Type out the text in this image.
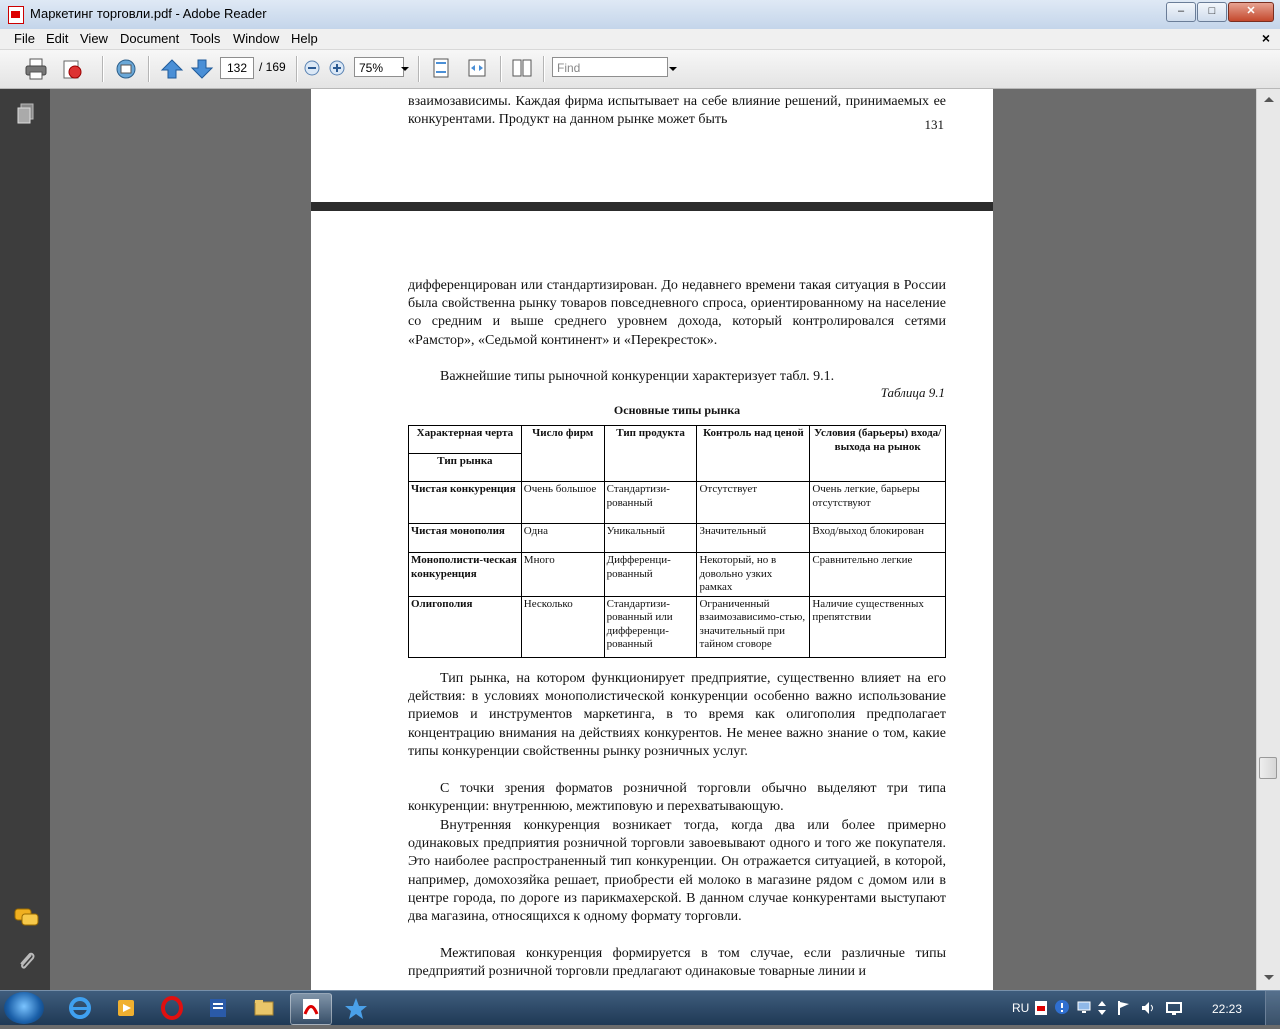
Маркетинг торговли.pdf - Adobe Reader	–	□	✕
File Edit View Document Tools Window Help	×
132 / 169	75%	Find
взаимозависимы. Каждая фирма испытывает на себе влияние решений, принимаемых ее конкурентами. Продукт на данном рынке может быть	131
дифференцирован или стандартизирован. До недавнего времени такая ситуация в России была свойственна рынку товаров повседневного спроса, ориентированному на население со средним и выше среднего уровнем дохода, который контролировался сетями «Рамстор», «Седьмой континент» и «Перекресток».
Важнейшие типы рыночной конкуренции характеризует табл. 9.1.
Таблица 9.1
Основные типы рынка
Характерная черта	Число фирм	Тип продукта	Контроль над ценой	Условия (барьеры) входа/выхода на рынок
Тип рынка				
Чистая конкуренция	Очень большое	Стандартизи-рованный	Отсутствует	Очень легкие, барьеры отсутствуют
Чистая монополия	Одна	Уникальный	Значительный	Вход/выход блокирован
Монополисти-ческая конкуренция	Много	Дифференци-рованный	Некоторый, но в довольно узких рамках	Сравнительно легкие
Олигополия	Несколько	Стандартизи-рованный или дифференци-рованный	Ограниченный взаимозависимо-стью, значительный при тайном сговоре	Наличие существенных препятствии
Тип рынка, на котором функционирует предприятие, существенно влияет на его действия: в условиях монополистической конкуренции особенно важно использование приемов и инструментов маркетинга, в то время как олигополия предполагает концентрацию внимания на действиях конкурентов. Не менее важно знание о том, какие типы конкуренции свойственны рынку розничных услуг.
С точки зрения форматов розничной торговли обычно выделяют три типа конкуренции: внутреннюю, межтиповую и перехватывающую.
Внутренняя конкуренция возникает тогда, когда два или более примерно одинаковых предприятия розничной торговли завоевывают одного и того же покупателя. Это наиболее распространенный тип конкуренции. Он отражается ситуацией, в которой, например, домохозяйка решает, приобрести ей молоко в магазине рядом с домом или в центре города, по дороге из парикмахерской. В данном случае конкурентами выступают два магазина, относящихся к одному формату торговли.
Межтиповая конкуренция формируется в том случае, если различные типы предприятий розничной торговли предлагают одинаковые товарные линии и
RU	22:23
